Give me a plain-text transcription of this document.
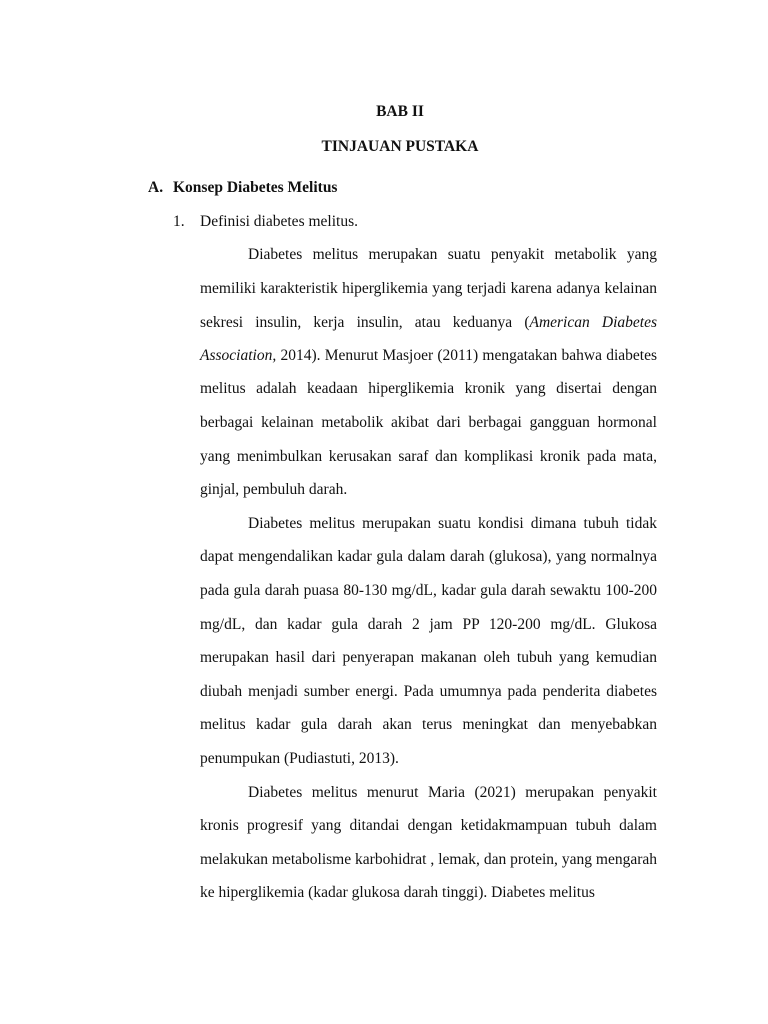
BAB II
TINJAUAN PUSTAKA
A. Konsep Diabetes Melitus
1. Definisi diabetes melitus.
Diabetes melitus merupakan suatu penyakit metabolik yang
memiliki karakteristik hiperglikemia yang terjadi karena adanya kelainan
sekresi insulin, kerja insulin, atau keduanya (American Diabetes
Association, 2014). Menurut Masjoer (2011) mengatakan bahwa diabetes
melitus adalah keadaan hiperglikemia kronik yang disertai dengan
berbagai kelainan metabolik akibat dari berbagai gangguan hormonal
yang menimbulkan kerusakan saraf dan komplikasi kronik pada mata,
ginjal, pembuluh darah.
Diabetes melitus merupakan suatu kondisi dimana tubuh tidak
dapat mengendalikan kadar gula dalam darah (glukosa), yang normalnya
pada gula darah puasa 80-130 mg/dL, kadar gula darah sewaktu 100-200
mg/dL, dan kadar gula darah 2 jam PP 120-200 mg/dL. Glukosa
merupakan hasil dari penyerapan makanan oleh tubuh yang kemudian
diubah menjadi sumber energi. Pada umumnya pada penderita diabetes
melitus kadar gula darah akan terus meningkat dan menyebabkan
penumpukan (Pudiastuti, 2013).
Diabetes melitus menurut Maria (2021) merupakan penyakit
kronis progresif yang ditandai dengan ketidakmampuan tubuh dalam
melakukan metabolisme karbohidrat , lemak, dan protein, yang mengarah
ke hiperglikemia (kadar glukosa darah tinggi). Diabetes melitus
